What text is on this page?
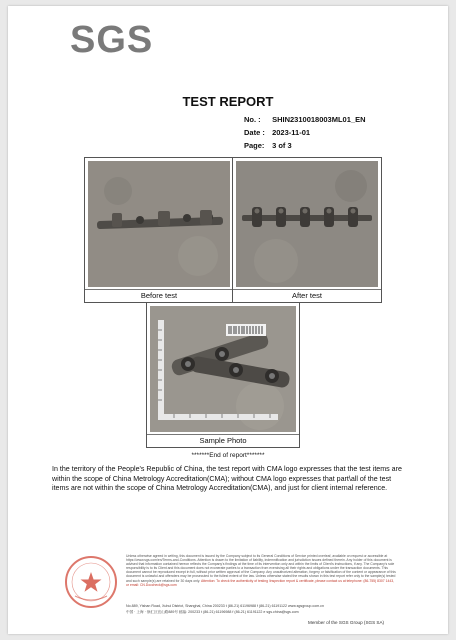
SGS
TEST REPORT
No. : SHIN2310018003ML01_EN
Date : 2023-11-01
Page: 3 of 3
Before test	After test
Sample Photo
*******End of report*******
In the territory of the People's Republic of China, the test report with CMA logo expresses that the test items are within the scope of China Metrology Accreditation(CMA); without CMA logo expresses that part\all of the test items are not within the scope of China Metrology Accreditation(CMA), and just for client internal reference.
Unless otherwise agreed in writing, this document is issued by the Company subject to its General Conditions of Service printed overleaf, available on request or accessible at https://www.sgs.com/en/Terms-and-Conditions. Attention is drawn to the limitation of liability, indemnification and jurisdiction issues defined therein. Any holder of this document is advised that information contained hereon reflects the Company's findings at the time of its intervention only and within the limits of Client's instructions, if any. The Company's sole responsibility is to its Client and this document does not exonerate parties to a transaction from exercising all their rights and obligations under the transaction documents. This document cannot be reproduced except in full, without prior written approval of the Company. Any unauthorized alteration, forgery or falsification of the content or appearance of this document is unlawful and offenders may be prosecuted to the fullest extent of the law. Unless otherwise stated the results shown in this test report refer only to the sample(s) tested and such sample(s) are retained for 30 days only. Attention: To check the authenticity of testing /inspection report & certificate, please contact us at telephone: (86-755) 8307 1443, or email: CN.Doccheck@sgs.com
No.889, Yishan Road, Xuhui District, Shanghai, China 200233 t (86-21) 61196988 f (86-21) 61191122 www.sgsgroup.com.cn
中国 · 上海 · 徐汇区宜山路889号 邮编: 200233 t (86-21) 61196988 f (86-21) 61191122 e sgs.china@sgs.com
Member of the SGS Group (SGS SA)
